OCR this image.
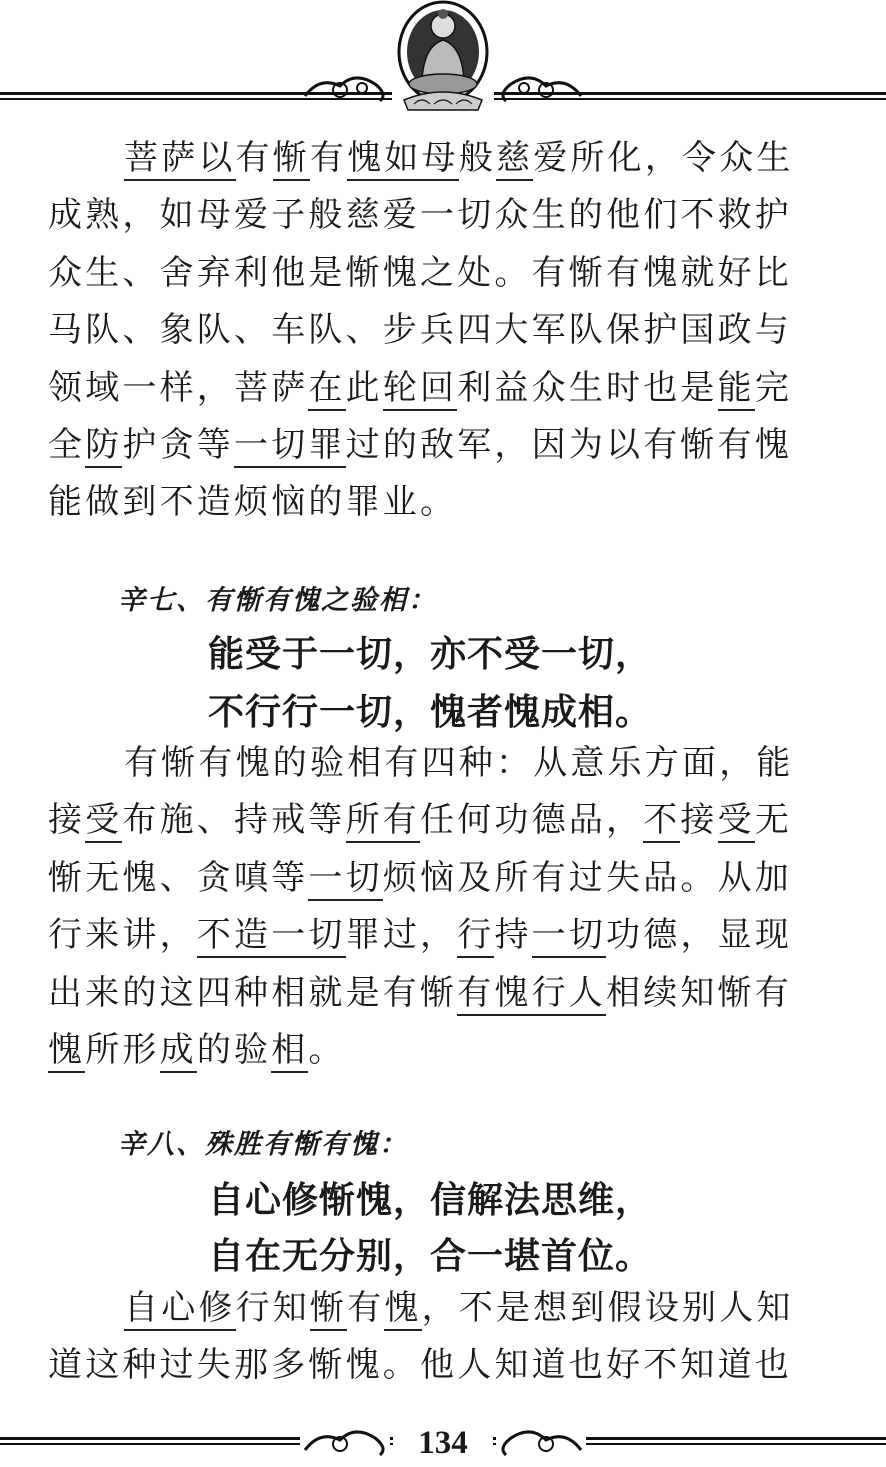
菩萨以有惭有愧如母般慈爱所化，令众生

成熟，如母爱子般慈爱一切众生的他们不救护

众生、舍弃利他是惭愧之处。有惭有愧就好比

马队、象队、车队、步兵四大军队保护国政与

领域一样，菩萨在此轮回利益众生时也是能完

全防护贪等一切罪过的敌军，因为以有惭有愧

能做到不造烦恼的罪业。

辛七、有惭有愧之验相：
能受于一切，亦不受一切，
不行行一切，愧者愧成相。

有惭有愧的验相有四种：从意乐方面，能

接受布施、持戒等所有任何功德品，不接受无

惭无愧、贪嗔等一切烦恼及所有过失品。从加

行来讲，不造一切罪过，行持一切功德，显现

出来的这四种相就是有惭有愧行人相续知惭有

愧所形成的验相。

辛八、殊胜有惭有愧：
自心修惭愧，信解法思维，
自在无分别，合一堪首位。

自心修行知惭有愧，不是想到假设别人知

道这种过失那多惭愧。他人知道也好不知道也

134
